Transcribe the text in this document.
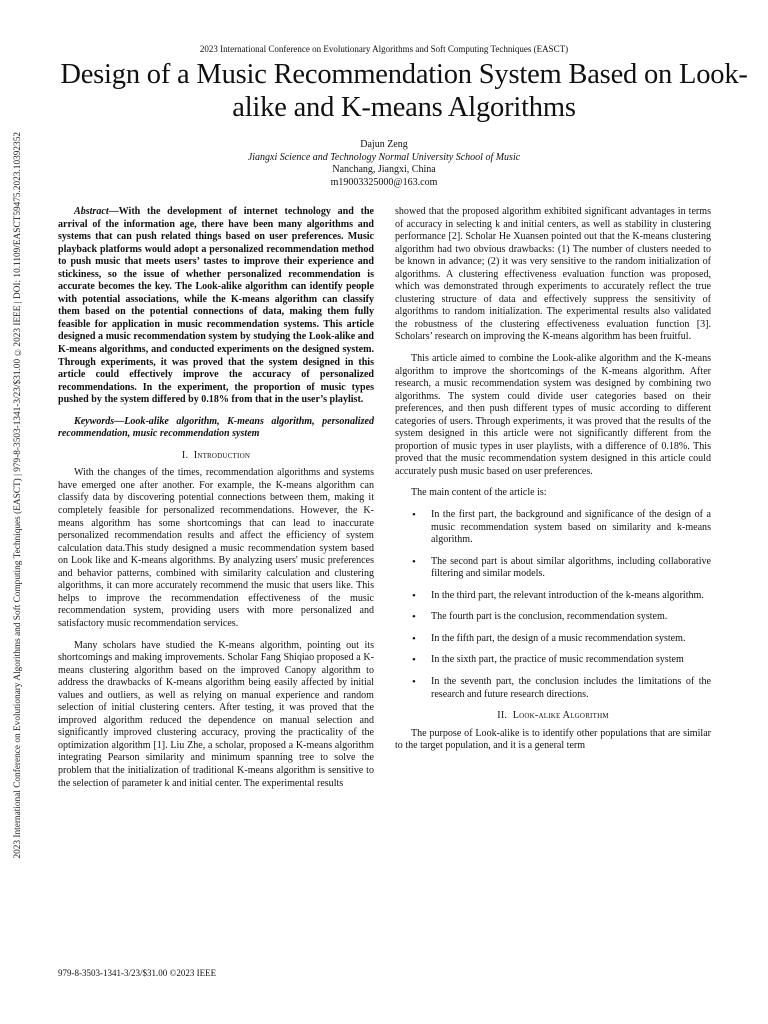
2023 International Conference on Evolutionary Algorithms and Soft Computing Techniques (EASCT) | 979-8-3503-1341-3/23/$31.00 ©2023 IEEE | DOI: 10.1109/EASCT59475.2023.10392352
2023 International Conference on Evolutionary Algorithms and Soft Computing Techniques (EASCT)
Design of a Music Recommendation System Based on Look-alike and K-means Algorithms
Dajun Zeng
Jiangxi Science and Technology Normal University School of Music
Nanchang, Jiangxi, China
m19003325000@163.com

Abstract—With the development of internet technology and the arrival of the information age, there have been many algorithms and systems that can push related things based on user preferences. Music playback platforms would adopt a personalized recommendation method to push music that meets users’ tastes to improve their experience and stickiness, so the issue of whether personalized recommendation is accurate becomes the key. The Look-alike algorithm can identify people with potential associations, while the K-means algorithm can classify them based on the potential connections of data, making them fully feasible for application in music recommendation systems. This article designed a music recommendation system by studying the Look-alike and K-means algorithms, and conducted experiments on the designed system. Through experiments, it was proved that the system designed in this article could effectively improve the accuracy of personalized recommendations. In the experiment, the proportion of music types pushed by the system differed by 0.18% from that in the user’s playlist.

Keywords—Look-alike algorithm, K-means algorithm, personalized recommendation, music recommendation system

I. Introduction

With the changes of the times, recommendation algorithms and systems have emerged one after another. For example, the K-means algorithm can classify data by discovering potential connections between them, making it completely feasible for personalized recommendations. However, the K-means algorithm has some shortcomings that can lead to inaccurate personalized recommendation results and affect the efficiency of system calculation data.This study designed a music recommendation system based on Look like and K-means algorithms. By analyzing users' music preferences and behavior patterns, combined with similarity calculation and clustering algorithms, it can more accurately recommend the music that users like. This helps to improve the recommendation effectiveness of the music recommendation system, providing users with more personalized and satisfactory music recommendation services.

Many scholars have studied the K-means algorithm, pointing out its shortcomings and making improvements. Scholar Fang Shiqiao proposed a K-means clustering algorithm based on the improved Canopy algorithm to address the drawbacks of K-means algorithm being easily affected by initial values and outliers, as well as relying on manual experience and random selection of initial clustering centers. After testing, it was proved that the improved algorithm reduced the dependence on manual selection and significantly improved clustering accuracy, proving the practicality of the optimization algorithm [1]. Liu Zhe, a scholar, proposed a K-means algorithm integrating Pearson similarity and minimum spanning tree to solve the problem that the initialization of traditional K-means algorithm is sensitive to the selection of parameter k and initial center. The experimental results

showed that the proposed algorithm exhibited significant advantages in terms of accuracy in selecting k and initial centers, as well as stability in clustering performance [2]. Scholar He Xuansen pointed out that the K-means clustering algorithm had two obvious drawbacks: (1) The number of clusters needed to be known in advance; (2) it was very sensitive to the random initialization of algorithms. A clustering effectiveness evaluation function was proposed, which was demonstrated through experiments to accurately reflect the true clustering structure of data and effectively suppress the sensitivity of algorithms to random initialization. The experimental results also validated the robustness of the clustering effectiveness evaluation function [3]. Scholars’ research on improving the K-means algorithm has been fruitful.

This article aimed to combine the Look-alike algorithm and the K-means algorithm to improve the shortcomings of the K-means algorithm. After research, a music recommendation system was designed by combining two algorithms. The system could divide user categories based on their preferences, and then push different types of music according to different categories of users. Through experiments, it was proved that the results of the system designed in this article were not significantly different from the proportion of music types in user playlists, with a difference of 0.18%. This proved that the music recommendation system designed in this article could accurately push music based on user preferences.

The main content of the article is:

• In the first part, the background and significance of the design of a music recommendation system based on similarity and k-means algorithm.
• The second part is about similar algorithms, including collaborative filtering and similar models.
• In the third part, the relevant introduction of the k-means algorithm.
• The fourth part is the conclusion, recommendation system.
• In the fifth part, the design of a music recommendation system.
• In the sixth part, the practice of music recommendation system
• In the seventh part, the conclusion includes the limitations of the research and future research directions.
II. Look-alike Algorithm

The purpose of Look-alike is to identify other populations that are similar to the target population, and it is a general term

979-8-3503-1341-3/23/$31.00 ©2023 IEEE
